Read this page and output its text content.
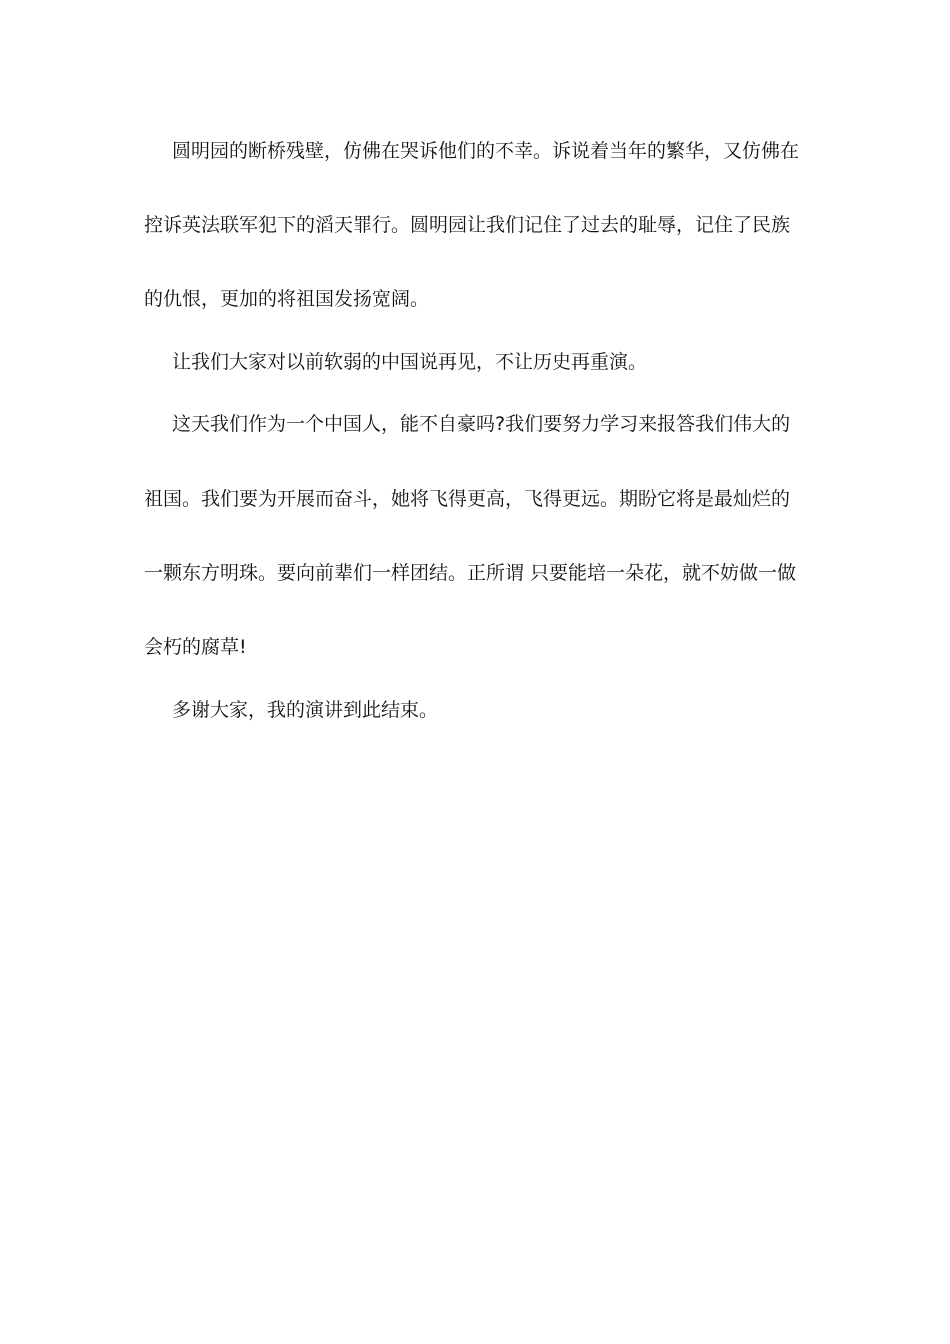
圆明园的断桥残壁，仿佛在哭诉他们的不幸。诉说着当年的繁华，又仿佛在
控诉英法联军犯下的滔天罪行。圆明园让我们记住了过去的耻辱，记住了民族
的仇恨，更加的将祖国发扬宽阔。
让我们大家对以前软弱的中国说再见，不让历史再重演。
这天我们作为一个中国人，能不自豪吗?我们要努力学习来报答我们伟大的
祖国。我们要为开展而奋斗，她将飞得更高，飞得更远。期盼它将是最灿烂的
一颗东方明珠。要向前辈们一样团结。正所谓 只要能培一朵花，就不妨做一做
会朽的腐草!
多谢大家，我的演讲到此结束。
